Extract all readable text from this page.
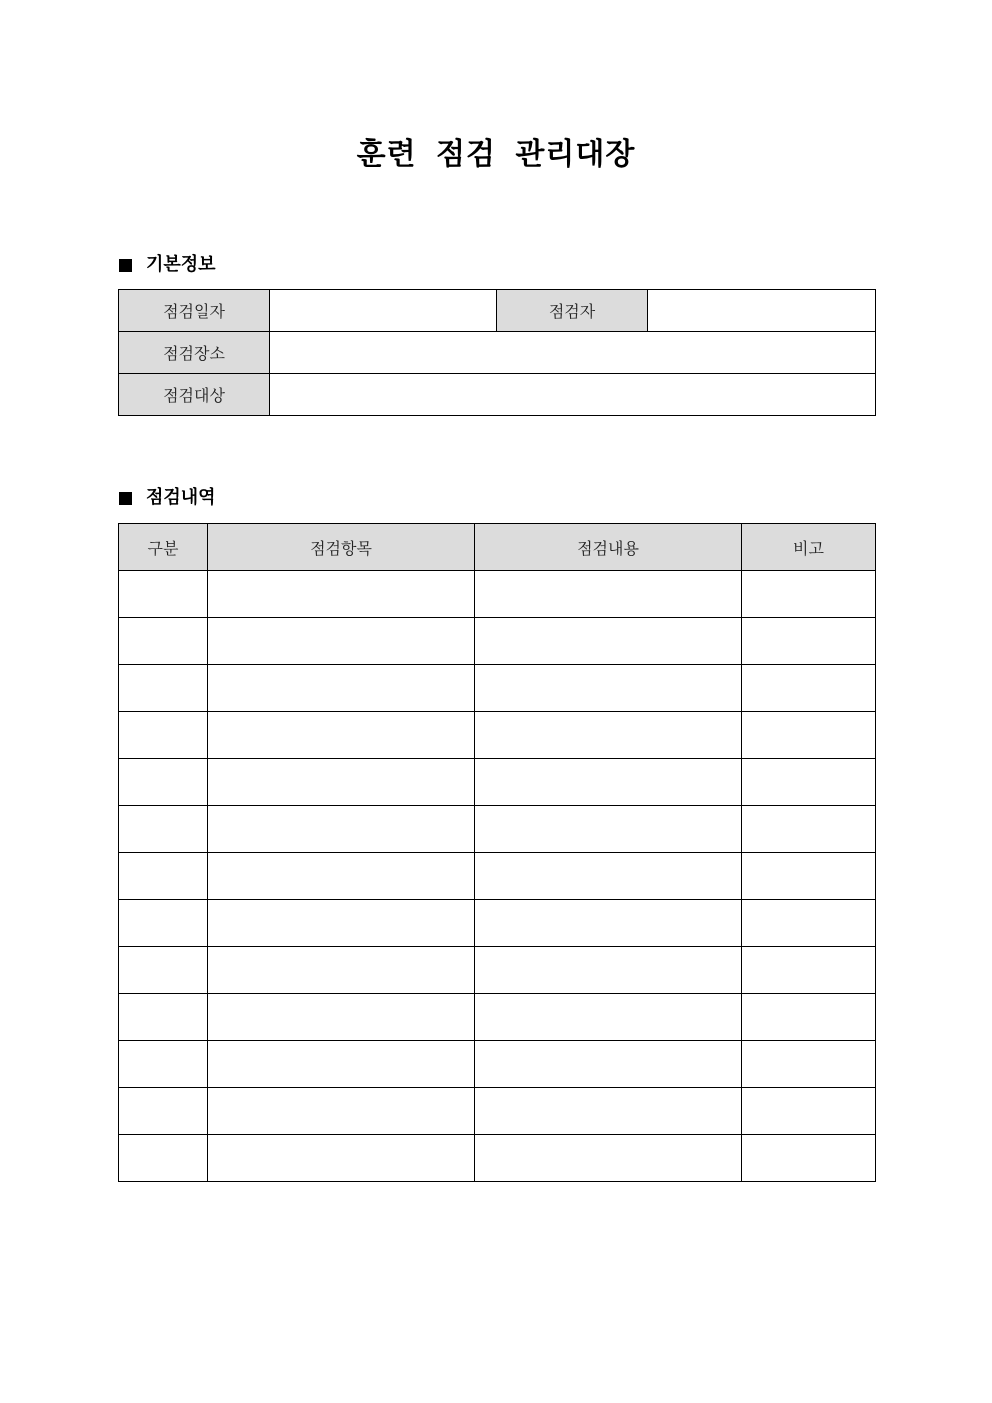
훈련 점검 관리대장
기본정보
점검일자		점검자	
점검장소			
점검대상			
점검내역
구분	점검항목	점검내용	비고
